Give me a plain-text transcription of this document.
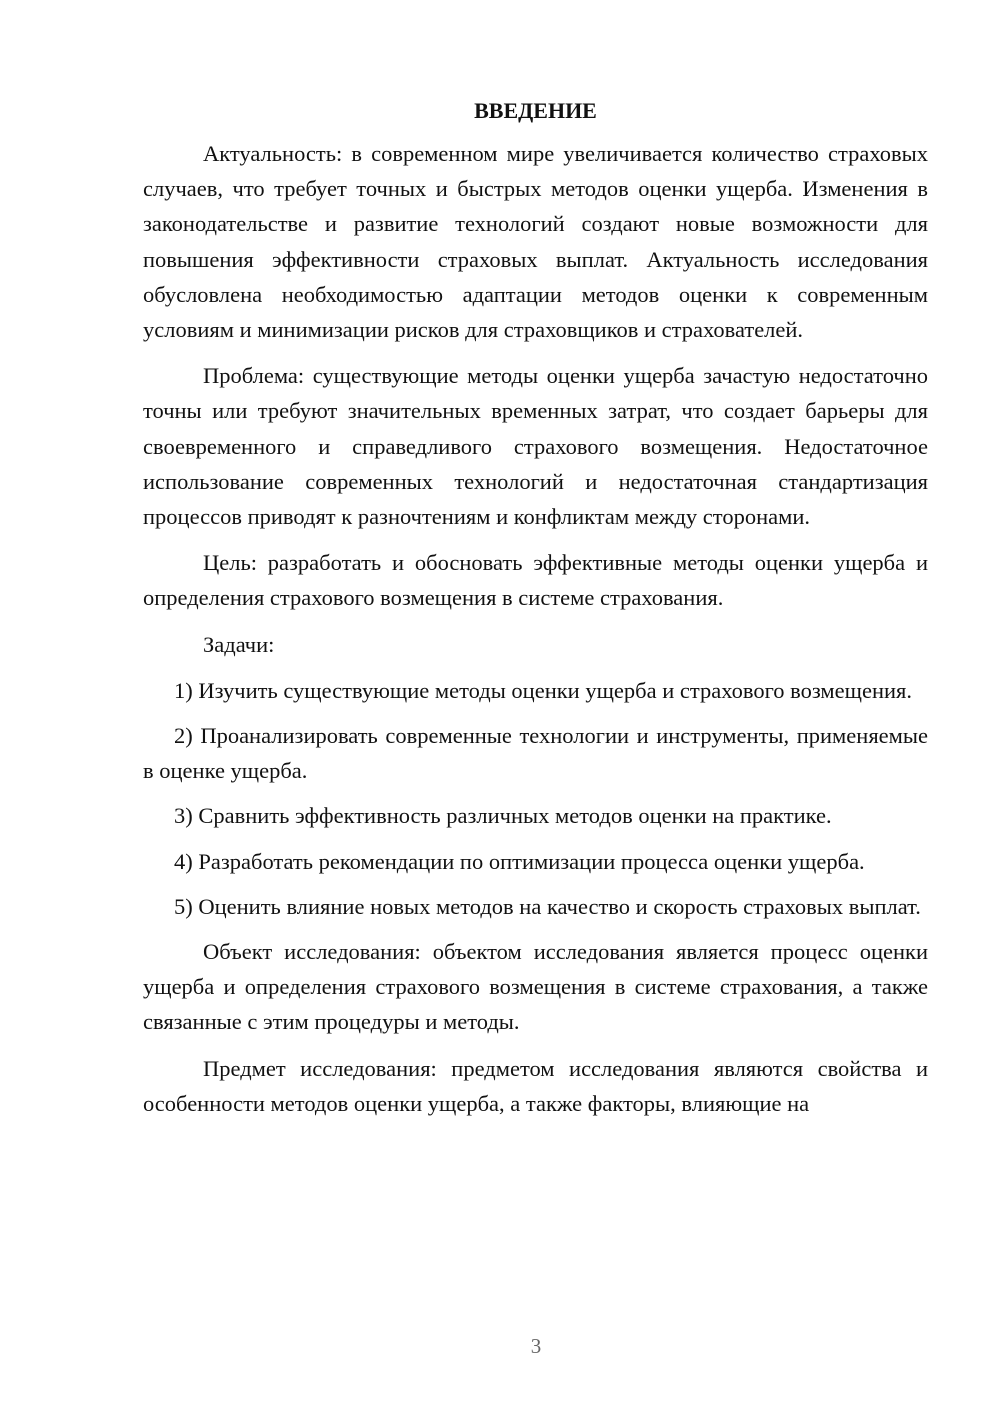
ВВЕДЕНИЕ

Актуальность: в современном мире увеличивается количество страховых случаев, что требует точных и быстрых методов оценки ущерба. Изменения в законодательстве и развитие технологий создают новые возможности для повышения эффективности страховых выплат. Актуальность исследования обусловлена необходимостью адаптации методов оценки к современным условиям и минимизации рисков для страховщиков и страхователей.

Проблема: существующие методы оценки ущерба зачастую недостаточно точны или требуют значительных временных затрат, что создает барьеры для своевременного и справедливого страхового возмещения. Недостаточное использование современных технологий и недостаточная стандартизация процессов приводят к разночтениям и конфликтам между сторонами.

Цель: разработать и обосновать эффективные методы оценки ущерба и определения страхового возмещения в системе страхования.

Задачи:

1) Изучить существующие методы оценки ущерба и страхового возмещения.

2) Проанализировать современные технологии и инструменты, применяемые в оценке ущерба.

3) Сравнить эффективность различных методов оценки на практике.

4) Разработать рекомендации по оптимизации процесса оценки ущерба.

5) Оценить влияние новых методов на качество и скорость страховых выплат.

Объект исследования: объектом исследования является процесс оценки ущерба и определения страхового возмещения в системе страхования, а также связанные с этим процедуры и методы.

Предмет исследования: предметом исследования являются свойства и особенности методов оценки ущерба, а также факторы, влияющие на

3
